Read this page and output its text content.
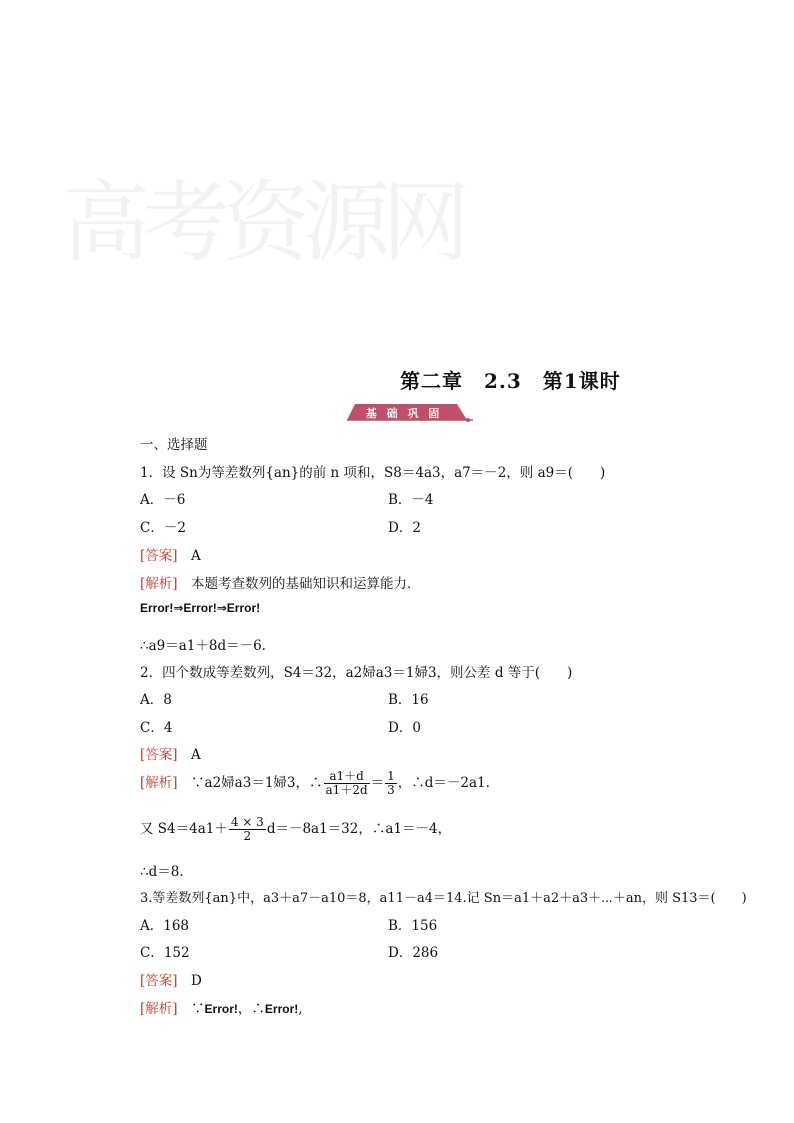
高考资源网
第二章　2.3　第1课时
基 础 巩 固
一、选择题
1．设 Sn为等差数列{an}的前 n 项和，S8＝4a3，a7＝－2，则 a9＝(　　)
A．－6	B．－4
C．－2	D．2
[答案]　 A
[解析]　 本题考查数列的基础知识和运算能力．
Error!⇒Error!⇒Error!
∴a9＝a1＋8d＝－6.
2．四个数成等差数列，S4＝32，a2婦a3＝1婦3，则公差 d 等于(　　)
A．8	B．16
C．4	D．0
[答案]　 A
[解析]　 ∵a2婦a3＝1婦3，∴ $\frac{a1+d}{a1+2d} = \frac{1}{3}$ ，∴d＝－2a1.
又 $S4=4a1+ \frac{4 \times 3}{2} d=-8a1=32$，∴a1＝－4，
∴d＝8.
3.等差数列{an}中，a3＋a7－a10＝8，a11－a4＝14.记 Sn＝a1＋a2＋a3＋⋯＋an，则 S13＝(　　)
A．168	B．156
C．152	D．286
[答案]　 D
[解析]　 ∵Error!，∴Error!,
